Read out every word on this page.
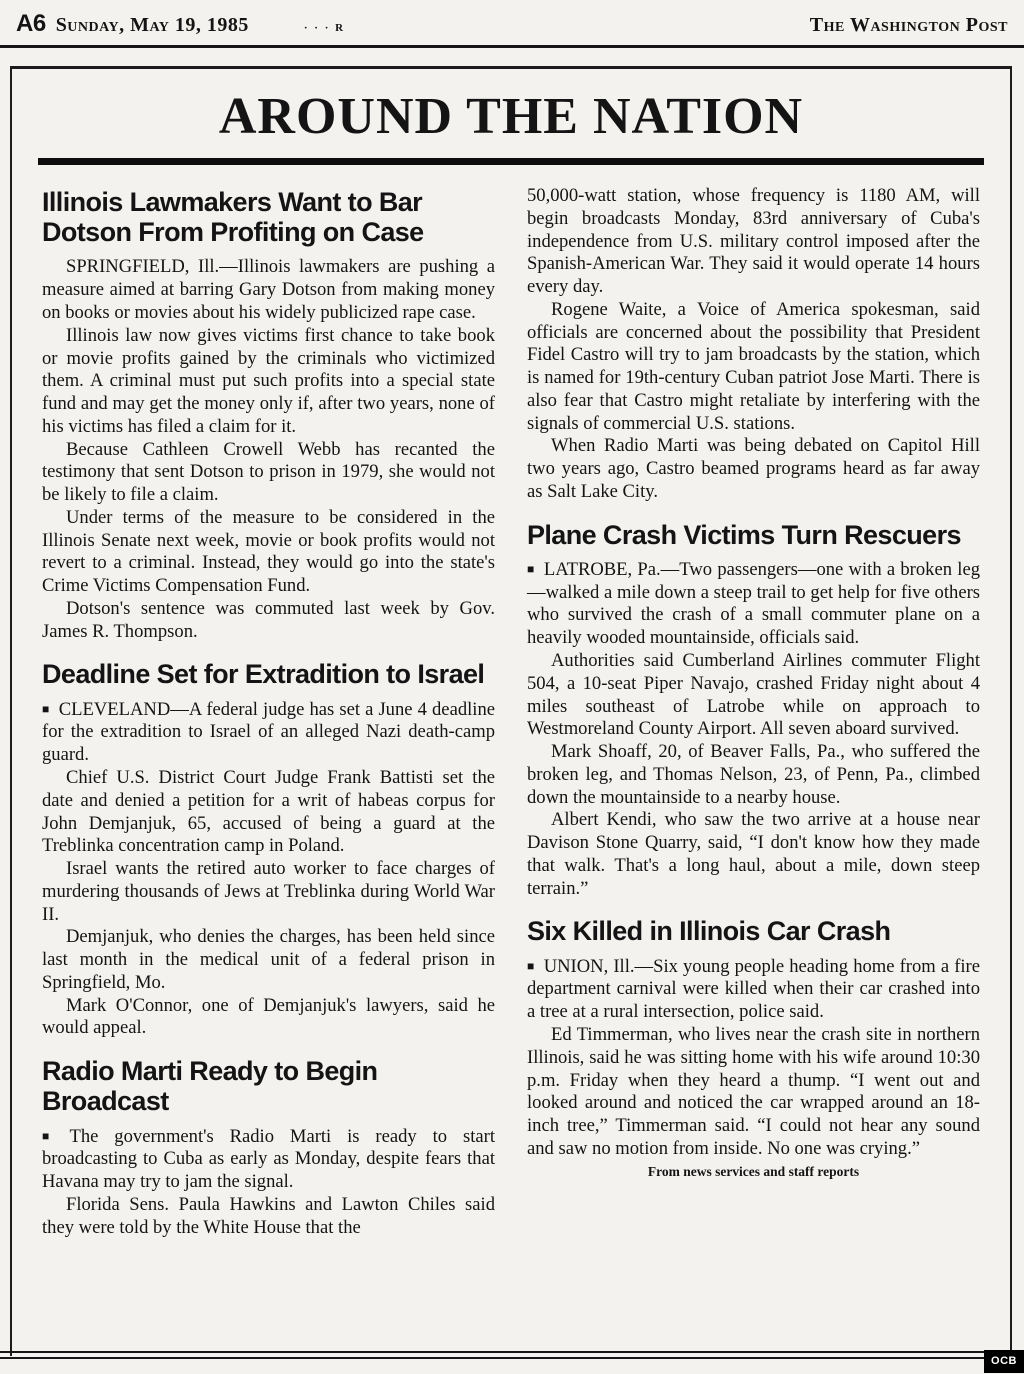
A6 Sunday, May 19, 1985	· · · R	The Washington Post
AROUND THE NATION
Illinois Lawmakers Want to Bar Dotson From Profiting on Case

SPRINGFIELD, Ill.—Illinois lawmakers are pushing a measure aimed at barring Gary Dotson from making money on books or movies about his widely publicized rape case.

Illinois law now gives victims first chance to take book or movie profits gained by the criminals who victimized them. A criminal must put such profits into a special state fund and may get the money only if, after two years, none of his victims has filed a claim for it.

Because Cathleen Crowell Webb has recanted the testimony that sent Dotson to prison in 1979, she would not be likely to file a claim.

Under terms of the measure to be considered in the Illinois Senate next week, movie or book profits would not revert to a criminal. Instead, they would go into the state's Crime Victims Compensation Fund.

Dotson's sentence was commuted last week by Gov. James R. Thompson.

Deadline Set for Extradition to Israel

■ CLEVELAND—A federal judge has set a June 4 deadline for the extradition to Israel of an alleged Nazi death-camp guard.

Chief U.S. District Court Judge Frank Battisti set the date and denied a petition for a writ of habeas corpus for John Demjanjuk, 65, accused of being a guard at the Treblinka concentration camp in Poland.

Israel wants the retired auto worker to face charges of murdering thousands of Jews at Treblinka during World War II.

Demjanjuk, who denies the charges, has been held since last month in the medical unit of a federal prison in Springfield, Mo.

Mark O'Connor, one of Demjanjuk's lawyers, said he would appeal.

Radio Marti Ready to Begin Broadcast

■ The government's Radio Marti is ready to start broadcasting to Cuba as early as Monday, despite fears that Havana may try to jam the signal.

Florida Sens. Paula Hawkins and Lawton Chiles said they were told by the White House that the

50,000-watt station, whose frequency is 1180 AM, will begin broadcasts Monday, 83rd anniversary of Cuba's independence from U.S. military control imposed after the Spanish-American War. They said it would operate 14 hours every day.

Rogene Waite, a Voice of America spokesman, said officials are concerned about the possibility that President Fidel Castro will try to jam broadcasts by the station, which is named for 19th-century Cuban patriot Jose Marti. There is also fear that Castro might retaliate by interfering with the signals of commercial U.S. stations.

When Radio Marti was being debated on Capitol Hill two years ago, Castro beamed programs heard as far away as Salt Lake City.

Plane Crash Victims Turn Rescuers

■ LATROBE, Pa.—Two passengers—one with a broken leg—walked a mile down a steep trail to get help for five others who survived the crash of a small commuter plane on a heavily wooded mountainside, officials said.

Authorities said Cumberland Airlines commuter Flight 504, a 10-seat Piper Navajo, crashed Friday night about 4 miles southeast of Latrobe while on approach to Westmoreland County Airport. All seven aboard survived.

Mark Shoaff, 20, of Beaver Falls, Pa., who suffered the broken leg, and Thomas Nelson, 23, of Penn, Pa., climbed down the mountainside to a nearby house.

Albert Kendi, who saw the two arrive at a house near Davison Stone Quarry, said, “I don't know how they made that walk. That's a long haul, about a mile, down steep terrain.”

Six Killed in Illinois Car Crash

■ UNION, Ill.—Six young people heading home from a fire department carnival were killed when their car crashed into a tree at a rural intersection, police said.

Ed Timmerman, who lives near the crash site in northern Illinois, said he was sitting home with his wife around 10:30 p.m. Friday when they heard a thump. “I went out and looked around and noticed the car wrapped around an 18-inch tree,” Timmerman said. “I could not hear any sound and saw no motion from inside. No one was crying.”

From news services and staff reports
OCB
